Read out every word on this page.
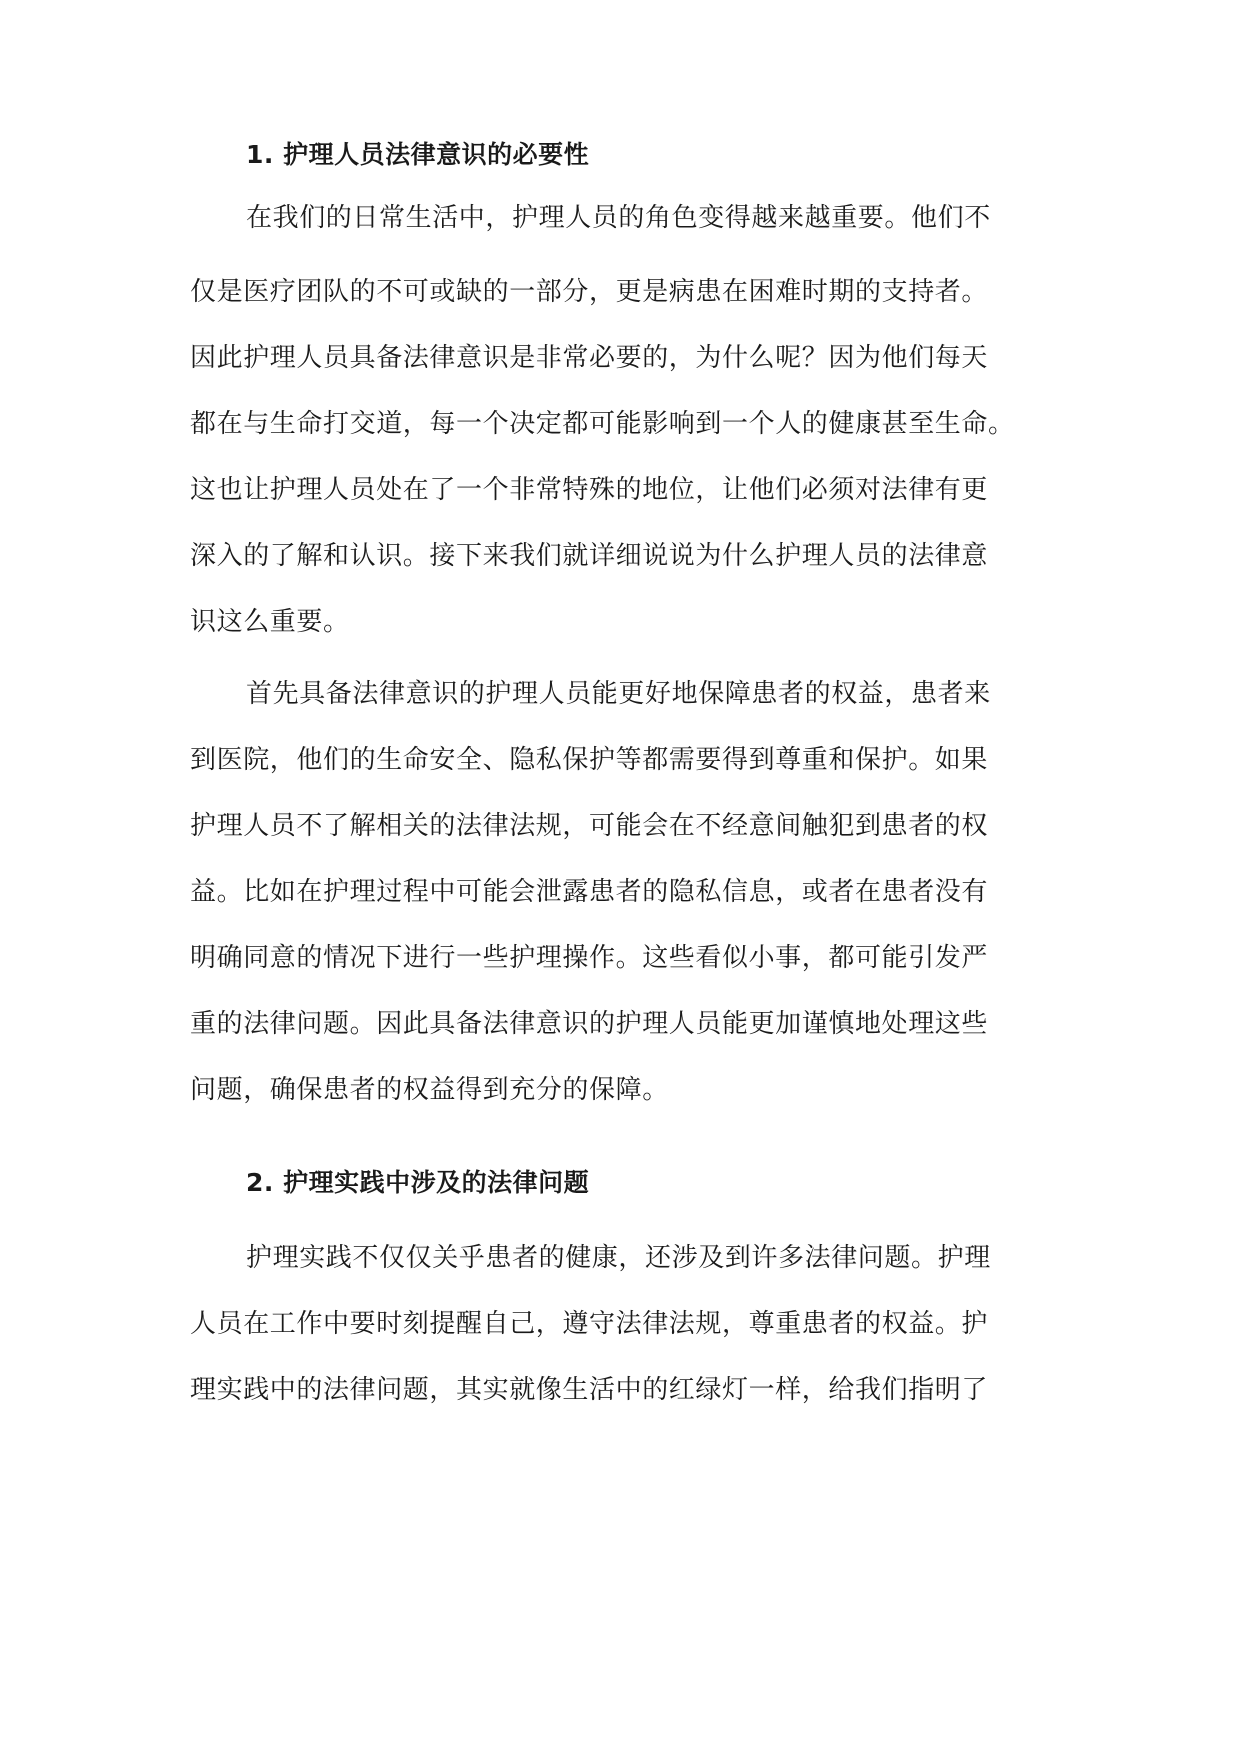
1. 护理人员法律意识的必要性
在我们的日常生活中，护理人员的角色变得越来越重要。他们不
仅是医疗团队的不可或缺的一部分，更是病患在困难时期的支持者。
因此护理人员具备法律意识是非常必要的，为什么呢？因为他们每天
都在与生命打交道，每一个决定都可能影响到一个人的健康甚至生命。
这也让护理人员处在了一个非常特殊的地位，让他们必须对法律有更
深入的了解和认识。接下来我们就详细说说为什么护理人员的法律意
识这么重要。
首先具备法律意识的护理人员能更好地保障患者的权益，患者来
到医院，他们的生命安全、隐私保护等都需要得到尊重和保护。如果
护理人员不了解相关的法律法规，可能会在不经意间触犯到患者的权
益。比如在护理过程中可能会泄露患者的隐私信息，或者在患者没有
明确同意的情况下进行一些护理操作。这些看似小事，都可能引发严
重的法律问题。因此具备法律意识的护理人员能更加谨慎地处理这些
问题，确保患者的权益得到充分的保障。
2. 护理实践中涉及的法律问题
护理实践不仅仅关乎患者的健康，还涉及到许多法律问题。护理
人员在工作中要时刻提醒自己，遵守法律法规，尊重患者的权益。护
理实践中的法律问题，其实就像生活中的红绿灯一样，给我们指明了
